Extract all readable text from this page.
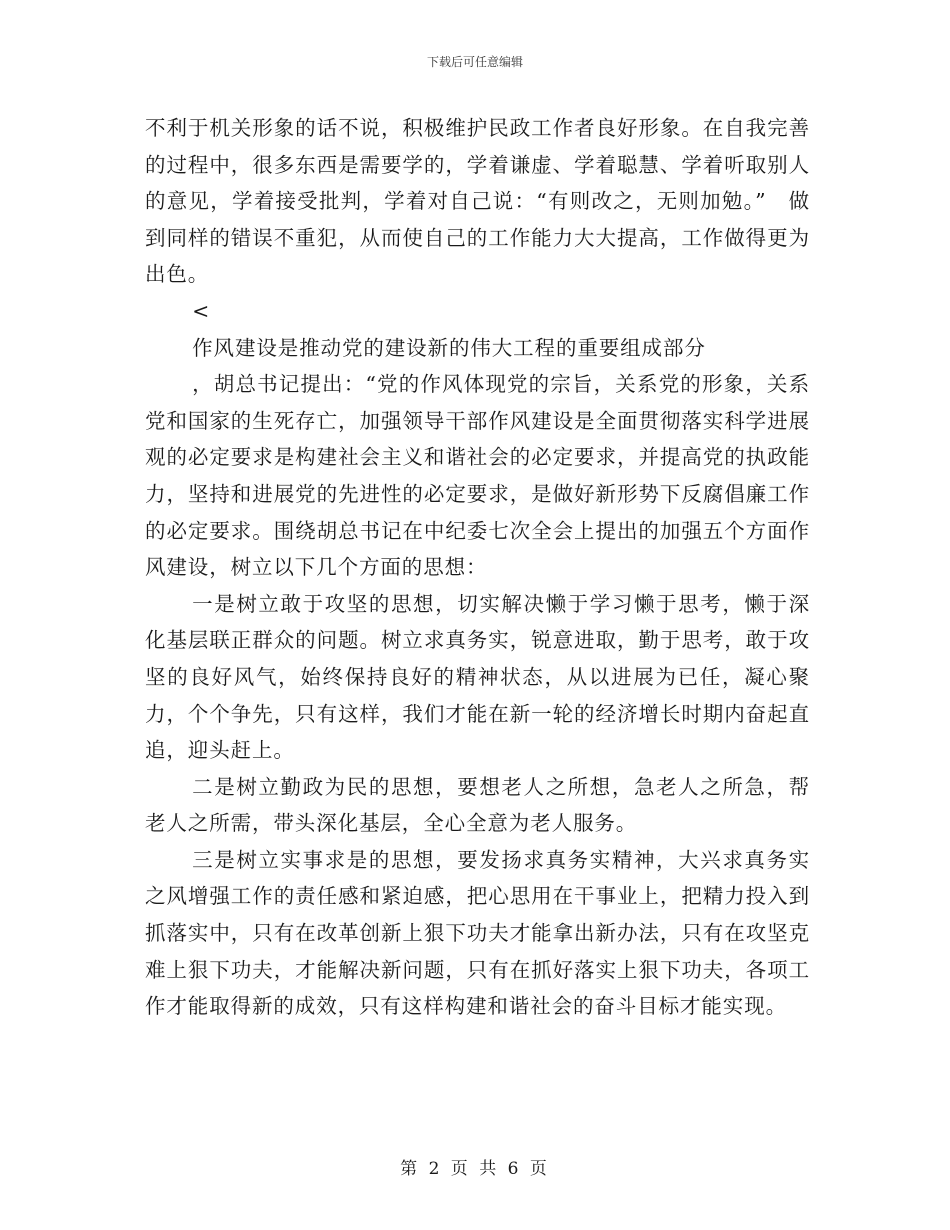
下载后可任意编辑

不利于机关形象的话不说，积极维护民政工作者良好形象。在自我完善的过程中，很多东西是需要学的，学着谦虚、学着聪慧、学着听取别人的意见，学着接受批判，学着对自己说：“有则改之，无则加勉。”　做到同样的错误不重犯，从而使自己的工作能力大大提高，工作做得更为出色。

<

作风建设是推动党的建设新的伟大工程的重要组成部分

，胡总书记提出：“党的作风体现党的宗旨，关系党的形象，关系党和国家的生死存亡，加强领导干部作风建设是全面贯彻落实科学进展观的必定要求是构建社会主义和谐社会的必定要求，并提高党的执政能力，坚持和进展党的先进性的必定要求，是做好新形势下反腐倡廉工作的必定要求。围绕胡总书记在中纪委七次全会上提出的加强五个方面作风建设，树立以下几个方面的思想：

一是树立敢于攻坚的思想，切实解决懒于学习懒于思考，懒于深化基层联正群众的问题。树立求真务实，锐意进取，勤于思考，敢于攻坚的良好风气，始终保持良好的精神状态，从以进展为已任，凝心聚力，个个争先，只有这样，我们才能在新一轮的经济增长时期内奋起直追，迎头赶上。

二是树立勤政为民的思想，要想老人之所想，急老人之所急，帮老人之所需，带头深化基层，全心全意为老人服务。

三是树立实事求是的思想，要发扬求真务实精神，大兴求真务实之风增强工作的责任感和紧迫感，把心思用在干事业上，把精力投入到抓落实中，只有在改革创新上狠下功夫才能拿出新办法，只有在攻坚克难上狠下功夫，才能解决新问题，只有在抓好落实上狠下功夫，各项工作才能取得新的成效，只有这样构建和谐社会的奋斗目标才能实现。

第 2 页 共 6 页
